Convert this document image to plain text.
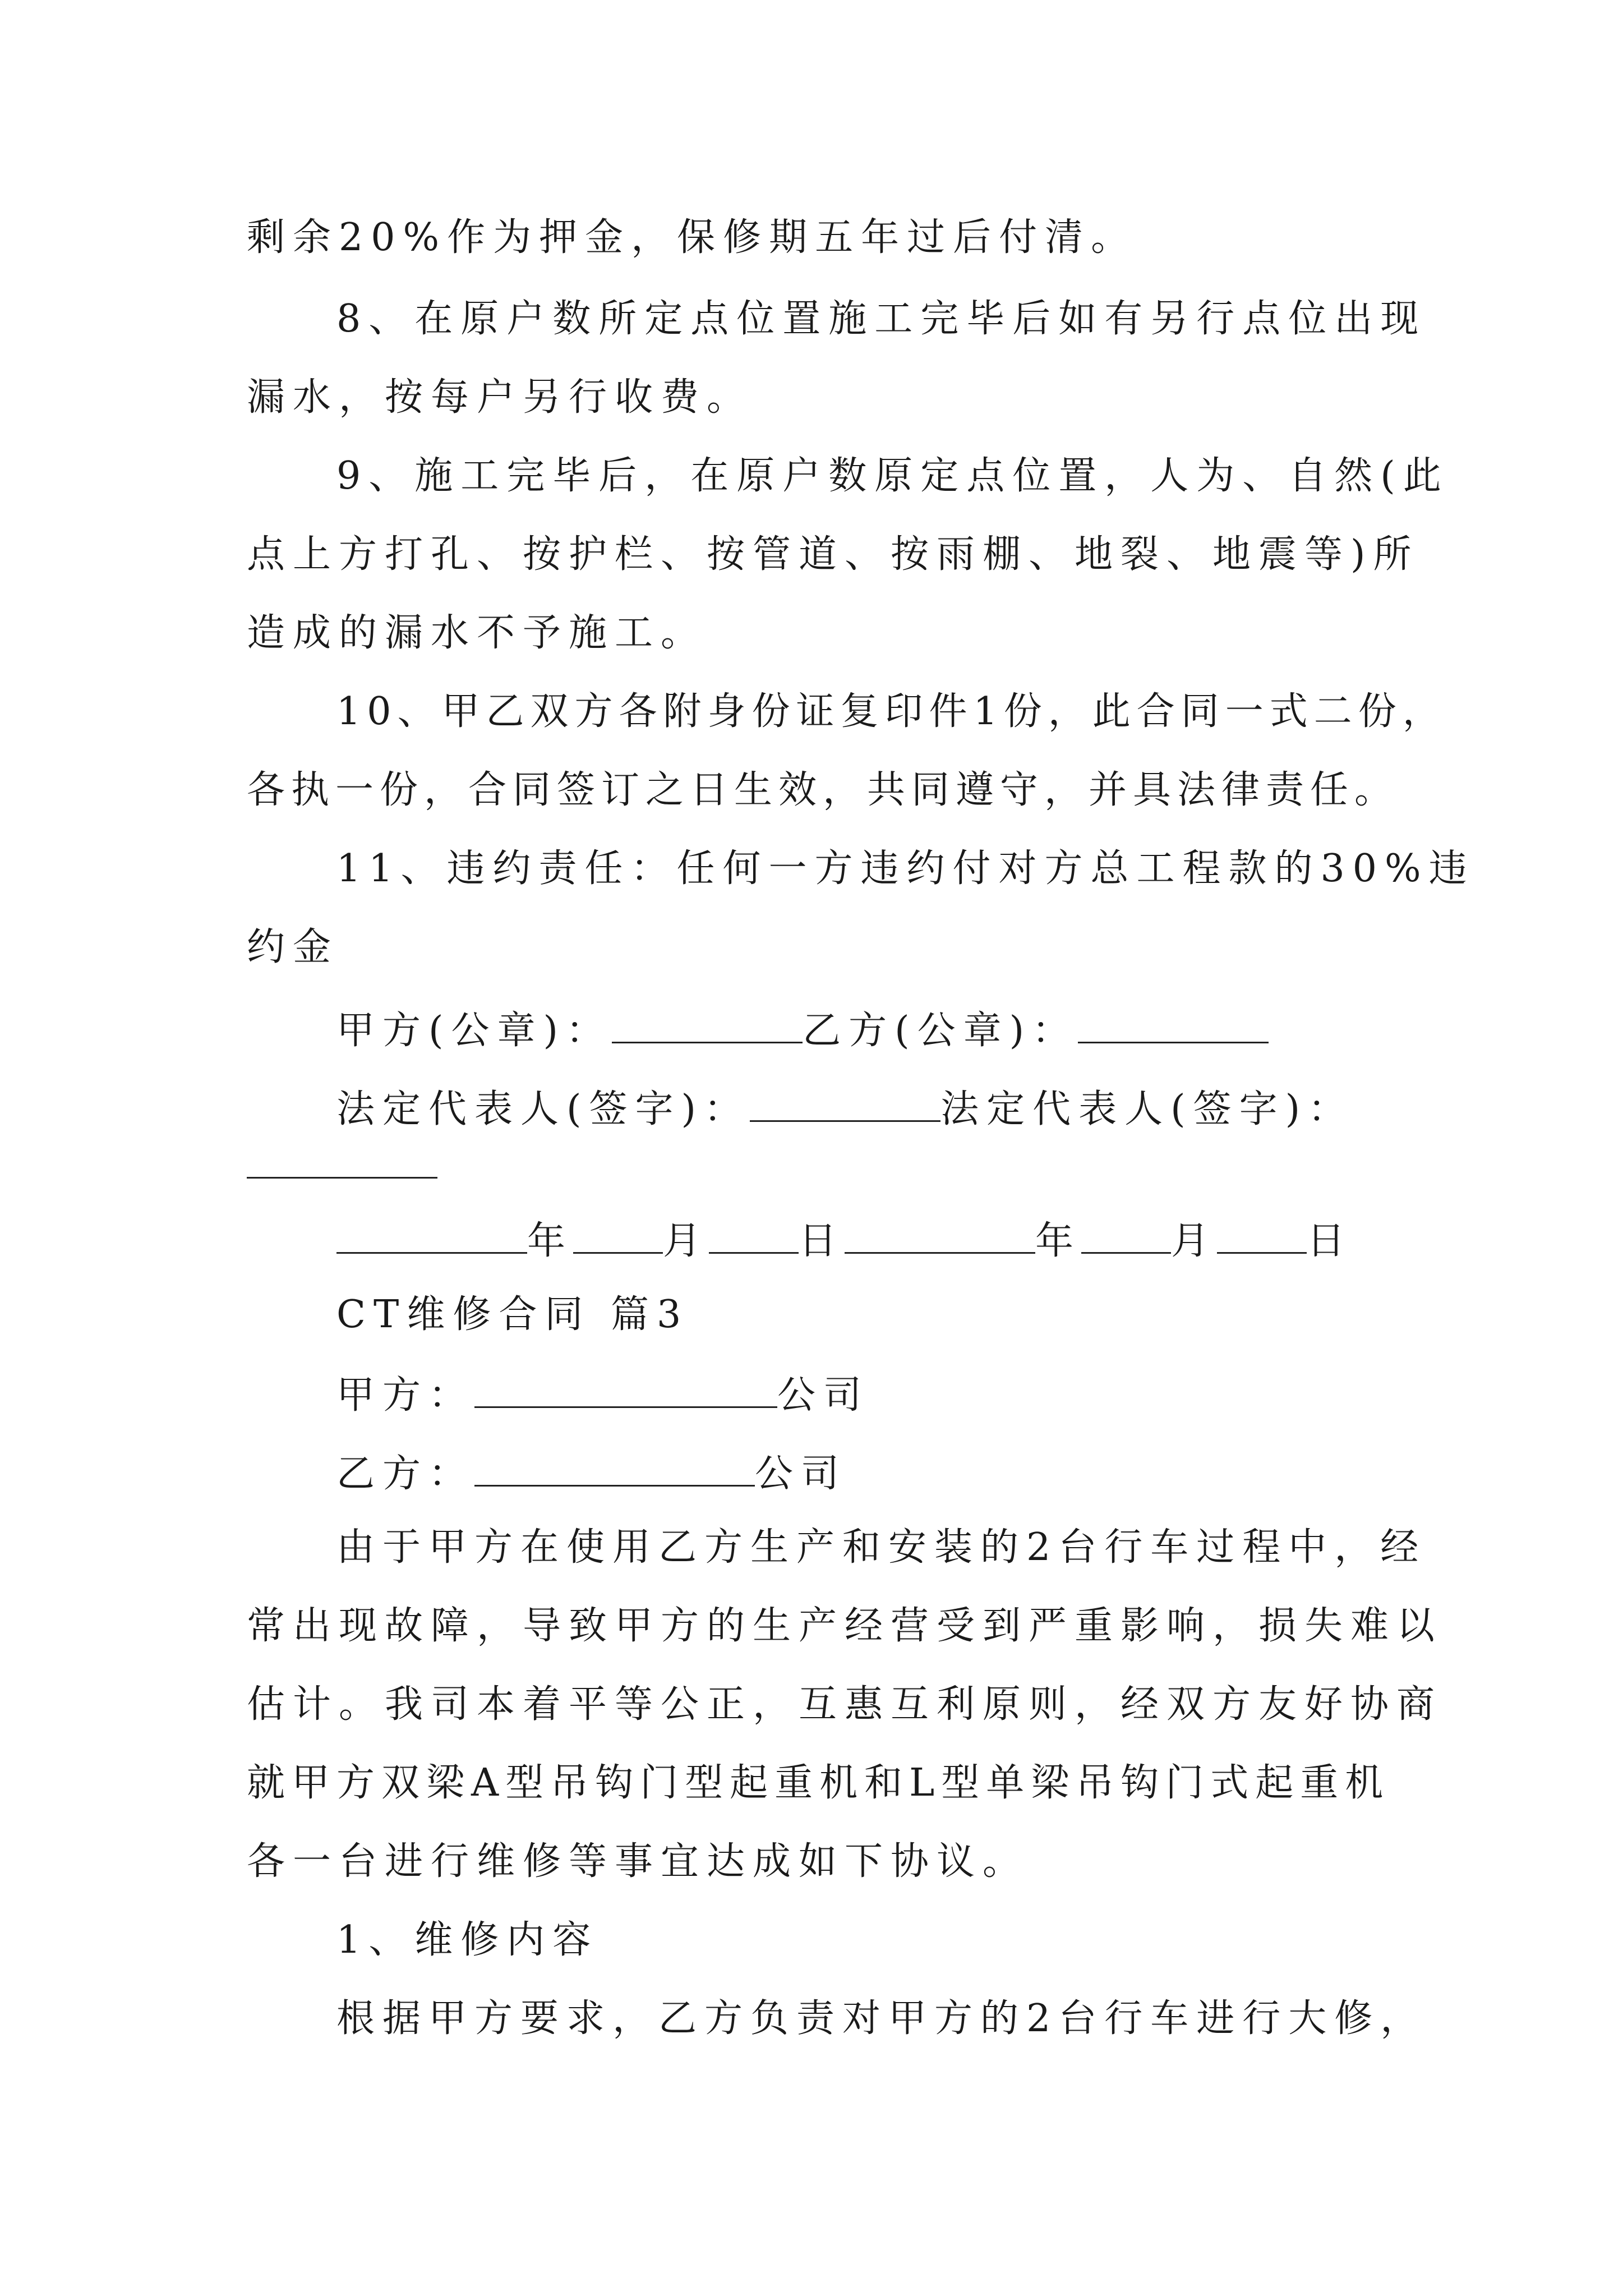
剩余20%作为押金，保修期五年过后付清。
8、在原户数所定点位置施工完毕后如有另行点位出现
漏水，按每户另行收费。
9、施工完毕后，在原户数原定点位置，人为、自然(此
点上方打孔、按护栏、按管道、按雨棚、地裂、地震等)所
造成的漏水不予施工。
10、甲乙双方各附身份证复印件1份，此合同一式二份，
各执一份，合同签订之日生效，共同遵守，并具法律责任。
11、违约责任：任何一方违约付对方总工程款的30%违
约金
甲方(公章)：	乙方(公章)：
法定代表人(签字)：	法定代表人(签字)：
年 月 日	年 月 日
CT维修合同 篇3
甲方：	公司
乙方：	公司
由于甲方在使用乙方生产和安装的2台行车过程中，经
常出现故障，导致甲方的生产经营受到严重影响，损失难以
估计。我司本着平等公正，互惠互利原则，经双方友好协商
就甲方双梁A型吊钩门型起重机和L型单梁吊钩门式起重机
各一台进行维修等事宜达成如下协议。
1、维修内容
根据甲方要求，乙方负责对甲方的2台行车进行大修，
